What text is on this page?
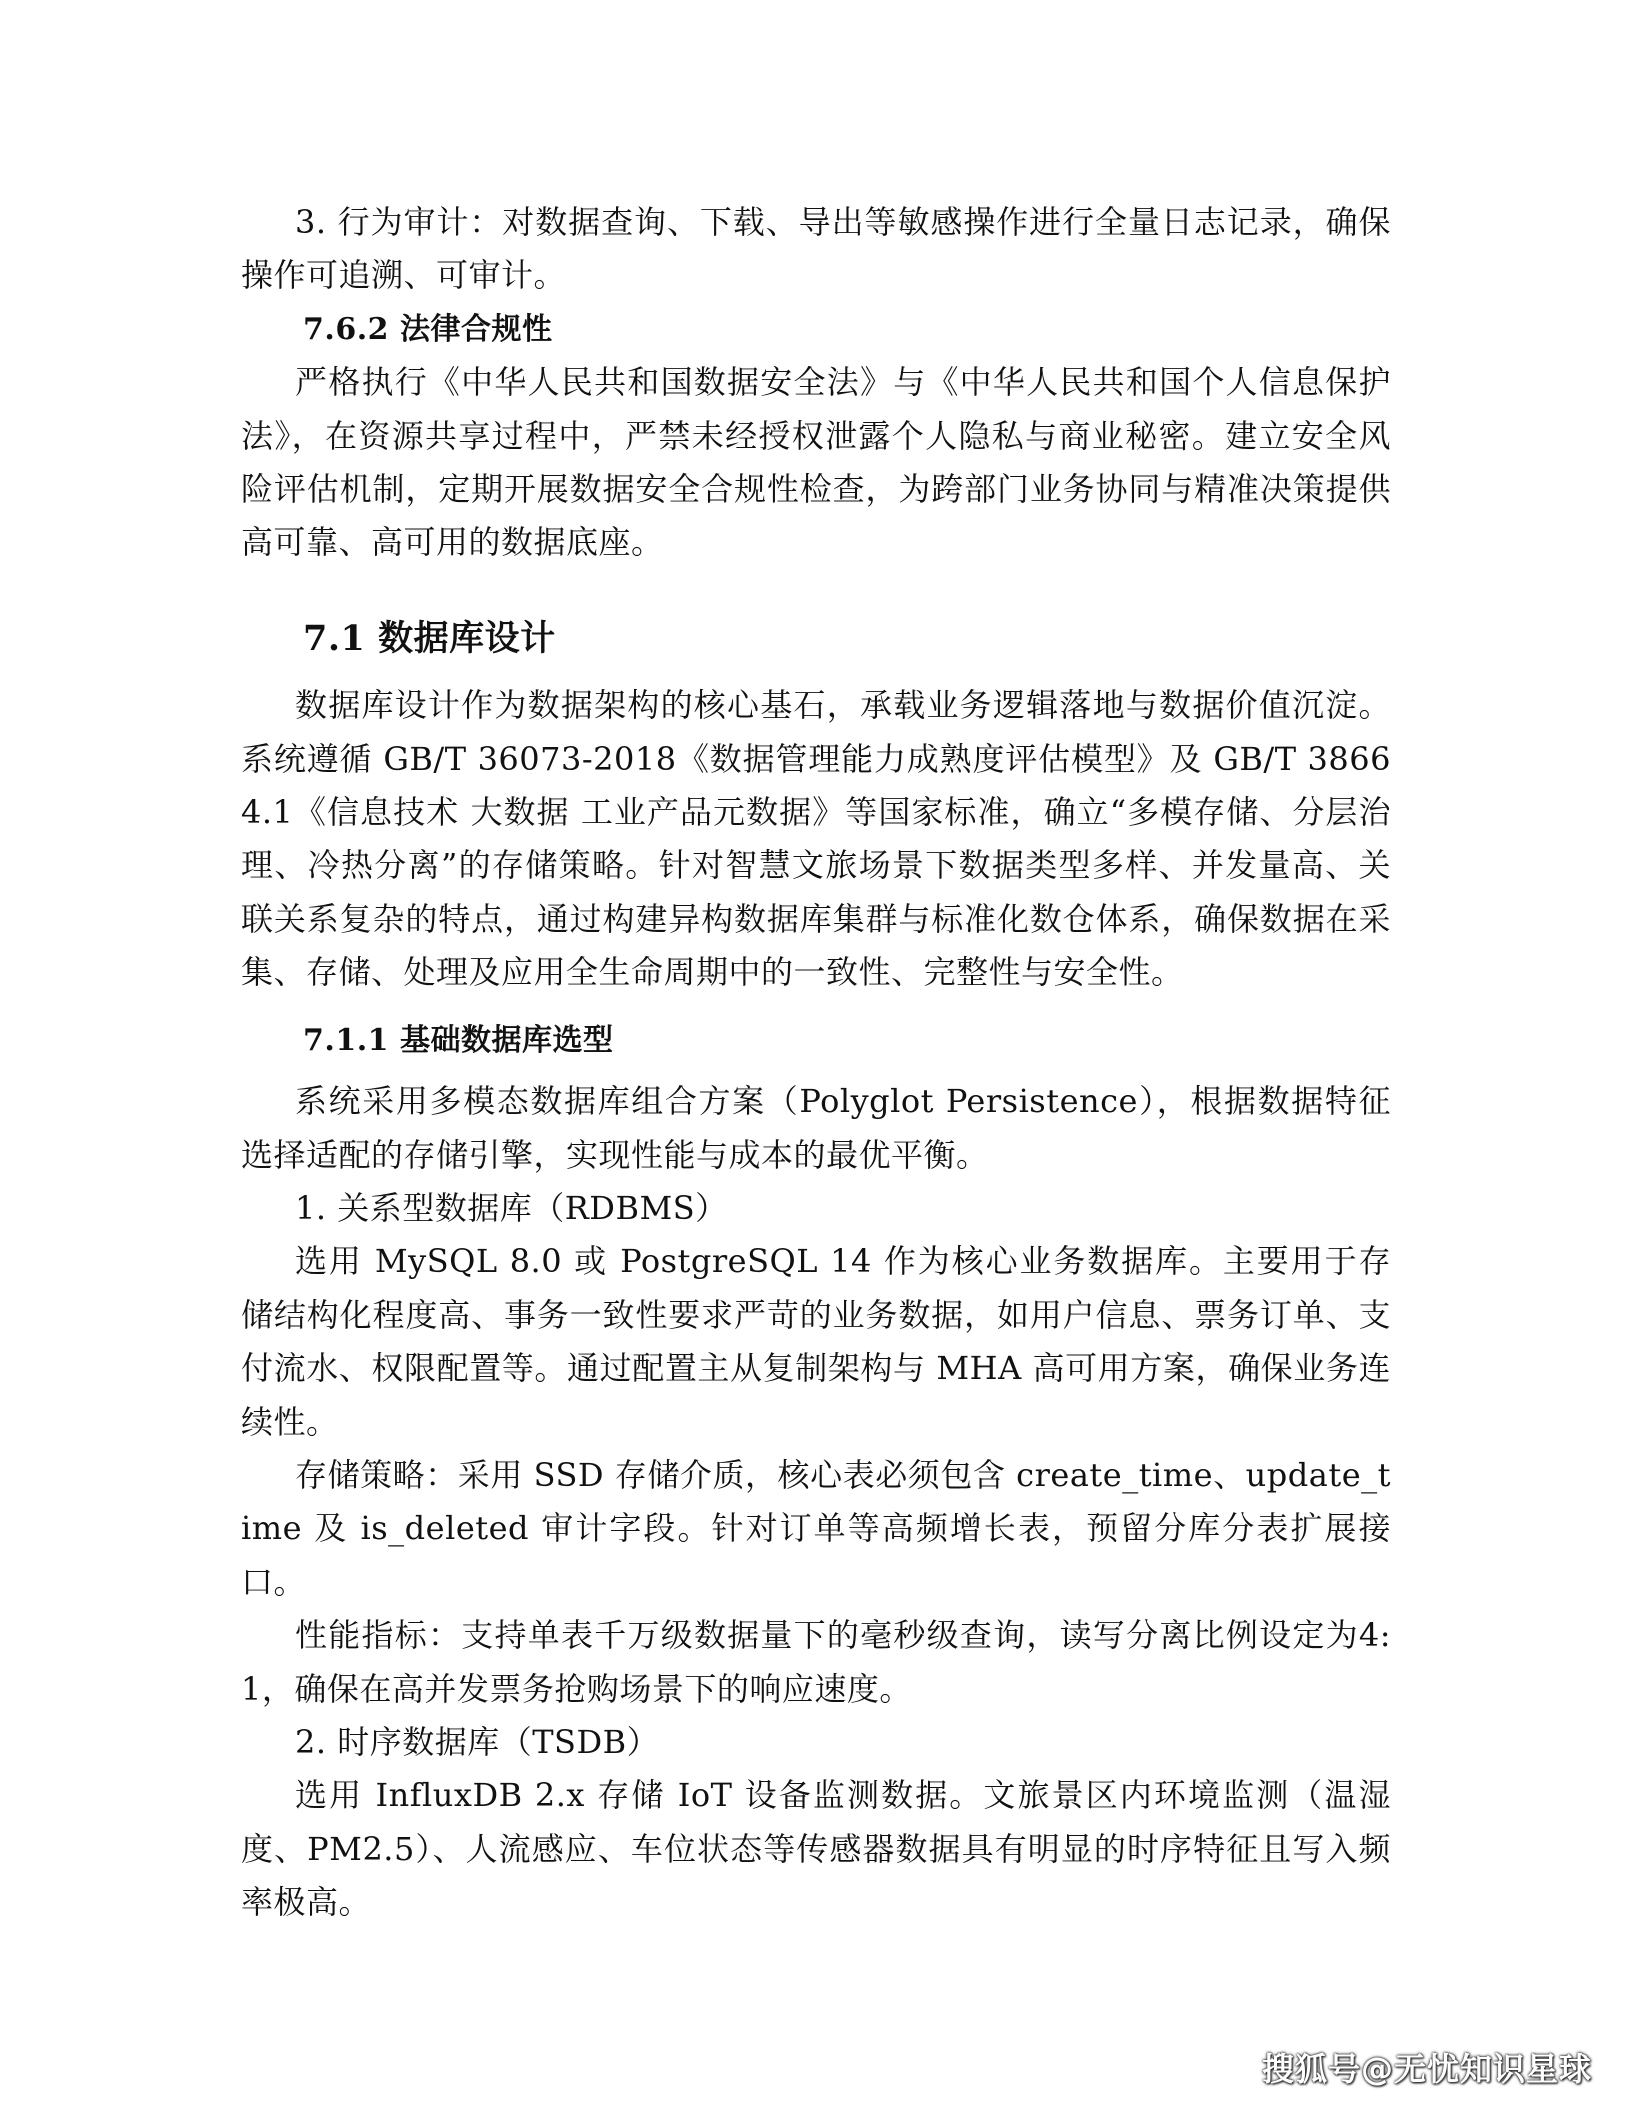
3. 行为审计：对数据查询、下载、导出等敏感操作进行全量日志记录，确保操作可追溯、可审计。

7.6.2 法律合规性

严格执行《中华人民共和国数据安全法》与《中华人民共和国个人信息保护法》，在资源共享过程中，严禁未经授权泄露个人隐私与商业秘密。建立安全风险评估机制，定期开展数据安全合规性检查，为跨部门业务协同与精准决策提供高可靠、高可用的数据底座。

7.1 数据库设计

数据库设计作为数据架构的核心基石，承载业务逻辑落地与数据价值沉淀。系统遵循 GB/T 36073-2018《数据管理能力成熟度评估模型》及 GB/T 38664.1《信息技术 大数据 工业产品元数据》等国家标准，确立“多模存储、分层治理、冷热分离”的存储策略。针对智慧文旅场景下数据类型多样、并发量高、关联关系复杂的特点，通过构建异构数据库集群与标准化数仓体系，确保数据在采集、存储、处理及应用全生命周期中的一致性、完整性与安全性。

7.1.1 基础数据库选型

系统采用多模态数据库组合方案（Polyglot Persistence），根据数据特征选择适配的存储引擎，实现性能与成本的最优平衡。

1. 关系型数据库（RDBMS）

选用 MySQL 8.0 或 PostgreSQL 14 作为核心业务数据库。主要用于存储结构化程度高、事务一致性要求严苛的业务数据，如用户信息、票务订单、支付流水、权限配置等。通过配置主从复制架构与 MHA 高可用方案，确保业务连续性。

存储策略：采用 SSD 存储介质，核心表必须包含 create_time、update_time 及 is_deleted 审计字段。针对订单等高频增长表，预留分库分表扩展接口。

性能指标：支持单表千万级数据量下的毫秒级查询，读写分离比例设定为4:1，确保在高并发票务抢购场景下的响应速度。

2. 时序数据库（TSDB）

选用 InfluxDB 2.x 存储 IoT 设备监测数据。文旅景区内环境监测（温湿度、PM2.5）、人流感应、车位状态等传感器数据具有明显的时序特征且写入频率极高。

搜狐号@无忧知识星球
